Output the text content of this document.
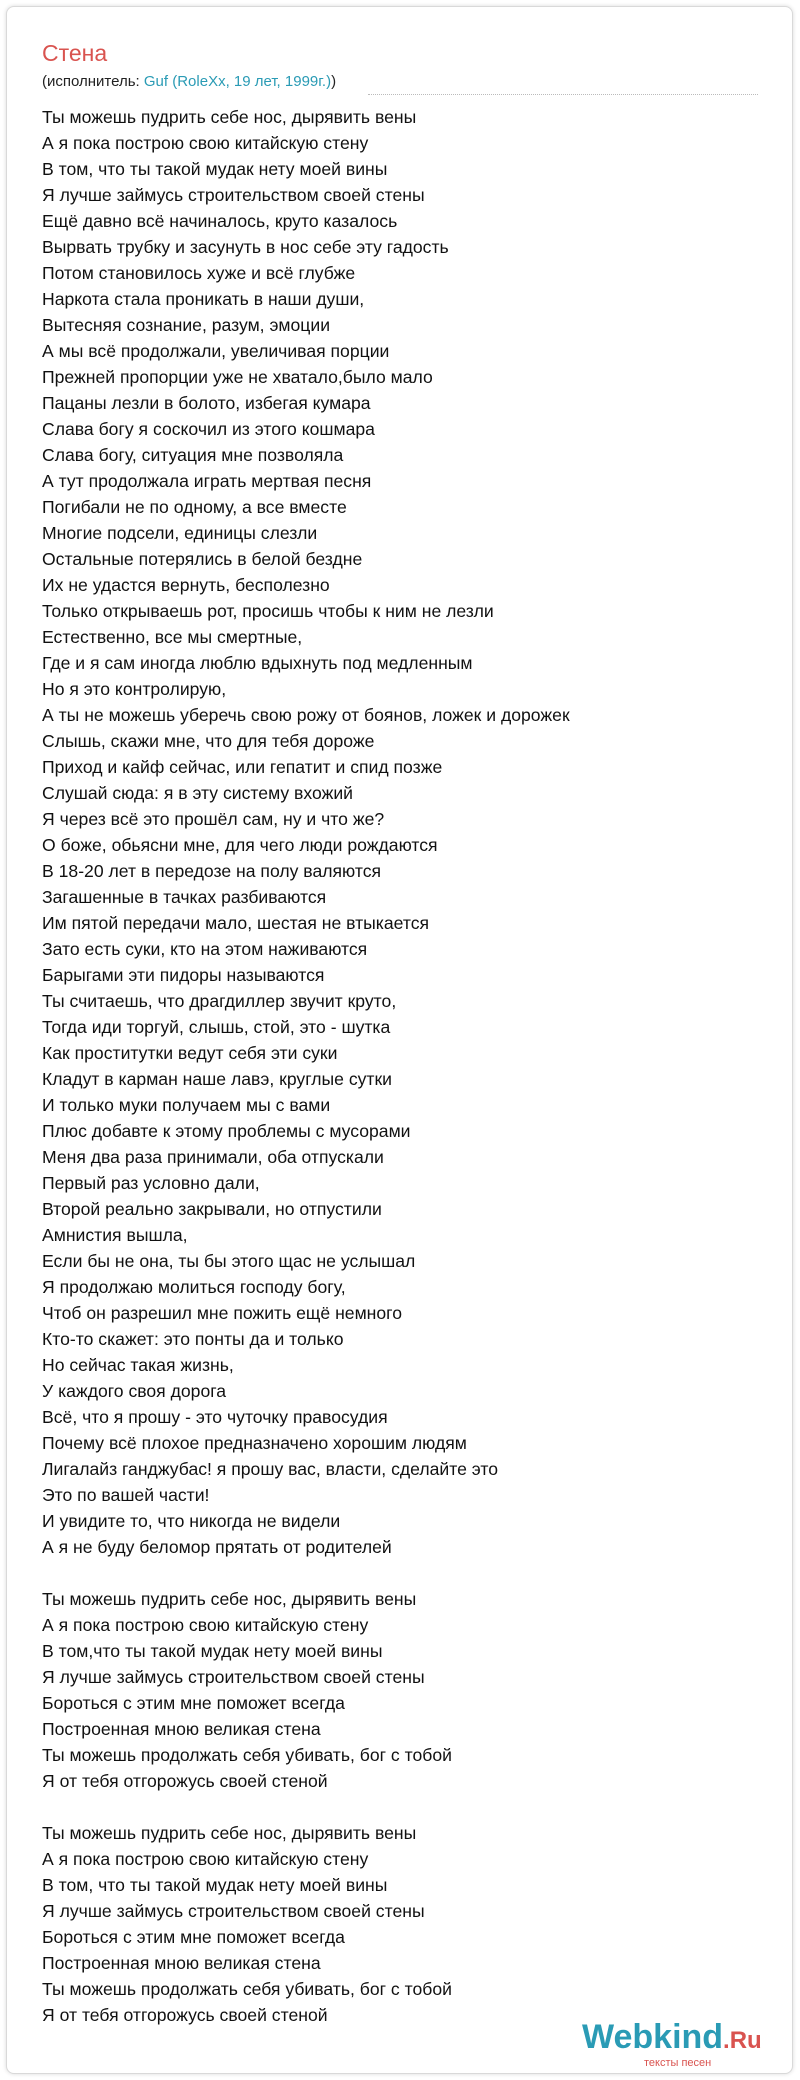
Стена
(исполнитель: Guf (RoleXx, 19 лет, 1999г.))
Ты можешь пудрить себе нос, дырявить вены
А я пока построю свою китайскую стену
В том, что ты такой мудак нету моей вины
Я лучше займусь строительством своей стены
Ещё давно всё начиналось, круто казалось
Вырвать трубку и засунуть в нос себе эту гадость
Потом становилось хуже и всё глубже
Наркота стала проникать в наши души,
Вытесняя сознание, разум, эмоции
А мы всё продолжали, увеличивая порции
Прежней пропорции уже не хватало,было мало
Пацаны лезли в болото, избегая кумара
Слава богу я соскочил из этого кошмара
Слава богу, ситуация мне позволяла
А тут продолжала играть мертвая песня
Погибали не по одному, а все вместе
Многие подсели, единицы слезли
Остальные потерялись в белой бездне
Их не удастся вернуть, бесполезно
Только открываешь рот, просишь чтобы к ним не лезли
Естественно, все мы смертные,
Где и я сам иногда люблю вдыхнуть под медленным
Но я это контролирую,
А ты не можешь уберечь свою рожу от боянов, ложек и дорожек
Слышь, скажи мне, что для тебя дороже
Приход и кайф сейчас, или гепатит и спид позже
Слушай сюда: я в эту систему вхожий
Я через всё это прошёл сам, ну и что же?
О боже, обьясни мне, для чего люди рождаются
В 18-20 лет в передозе на полу валяются
Загашенные в тачках разбиваются
Им пятой передачи мало, шестая не втыкается
Зато есть суки, кто на этом наживаются
Барыгами эти пидоры называются
Ты считаешь, что драгдиллер звучит круто,
Тогда иди торгуй, слышь, стой, это - шутка
Как проститутки ведут себя эти суки
Кладут в карман наше лавэ, круглые сутки
И только муки получаем мы с вами
Плюс добавте к этому проблемы с мусорами
Меня два раза принимали, оба отпускали
Первый раз условно дали,
Второй реально закрывали, но отпустили
Амнистия вышла,
Если бы не она, ты бы этого щас не услышал
Я продолжаю молиться господу богу,
Чтоб он разрешил мне пожить ещё немного
Кто-то скажет: это понты да и только
Но сейчас такая жизнь,
У каждого своя дорога
Всё, что я прошу - это чуточку правосудия
Почему всё плохое предназначено хорошим людям
Лигалайз ганджубас! я прошу вас, власти, сделайте это
Это по вашей части!
И увидите то, что никогда не видели
А я не буду беломор прятать от родителей
Ты можешь пудрить себе нос, дырявить вены
А я пока построю свою китайскую стену
В том,что ты такой мудак нету моей вины
Я лучше займусь строительством своей стены
Бороться с этим мне поможет всегда
Построенная мною великая стена
Ты можешь продолжать себя убивать, бог с тобой
Я от тебя отгорожусь своей стеной
Ты можешь пудрить себе нос, дырявить вены
А я пока построю свою китайскую стену
В том, что ты такой мудак нету моей вины
Я лучше займусь строительством своей стены
Бороться с этим мне поможет всегда
Построенная мною великая стена
Ты можешь продолжать себя убивать, бог с тобой
Я от тебя отгорожусь своей стеной
Webkind.Ru
тексты песен
